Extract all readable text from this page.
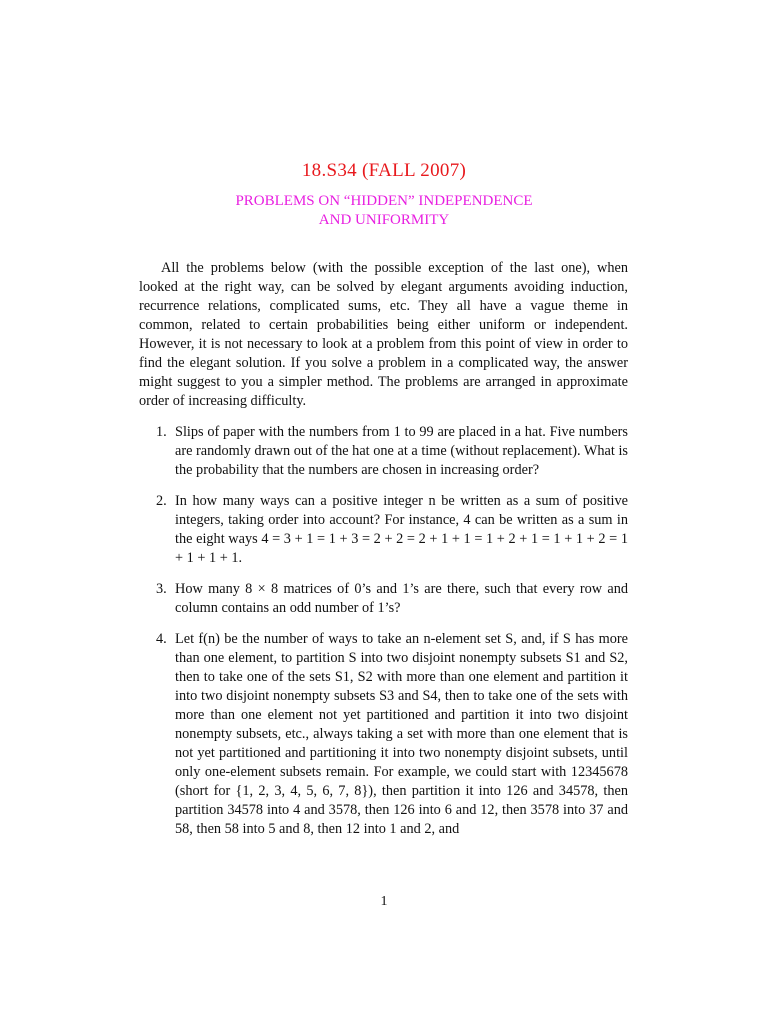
18.S34 (FALL 2007)
PROBLEMS ON “HIDDEN” INDEPENDENCE
AND UNIFORMITY

All the problems below (with the possible exception of the last one), when looked at the right way, can be solved by elegant arguments avoiding induction, recurrence relations, complicated sums, etc. They all have a vague theme in common, related to certain probabilities being either uniform or independent. However, it is not necessary to look at a problem from this point of view in order to find the elegant solution. If you solve a problem in a complicated way, the answer might suggest to you a simpler method. The problems are arranged in approximate order of increasing difficulty.

1. Slips of paper with the numbers from 1 to 99 are placed in a hat. Five numbers are randomly drawn out of the hat one at a time (without replacement). What is the probability that the numbers are chosen in increasing order?
2. In how many ways can a positive integer n be written as a sum of positive integers, taking order into account? For instance, 4 can be written as a sum in the eight ways 4 = 3 + 1 = 1 + 3 = 2 + 2 = 2 + 1 + 1 = 1 + 2 + 1 = 1 + 1 + 2 = 1 + 1 + 1 + 1.
3. How many 8 × 8 matrices of 0’s and 1’s are there, such that every row and column contains an odd number of 1’s?
4. Let f(n) be the number of ways to take an n-element set S, and, if S has more than one element, to partition S into two disjoint nonempty subsets S1 and S2, then to take one of the sets S1, S2 with more than one element and partition it into two disjoint nonempty subsets S3 and S4, then to take one of the sets with more than one element not yet partitioned and partition it into two disjoint nonempty subsets, etc., always taking a set with more than one element that is not yet partitioned and partitioning it into two nonempty disjoint subsets, until only one-element subsets remain. For example, we could start with 12345678 (short for {1, 2, 3, 4, 5, 6, 7, 8}), then partition it into 126 and 34578, then partition 34578 into 4 and 3578, then 126 into 6 and 12, then 3578 into 37 and 58, then 58 into 5 and 8, then 12 into 1 and 2, and
1
